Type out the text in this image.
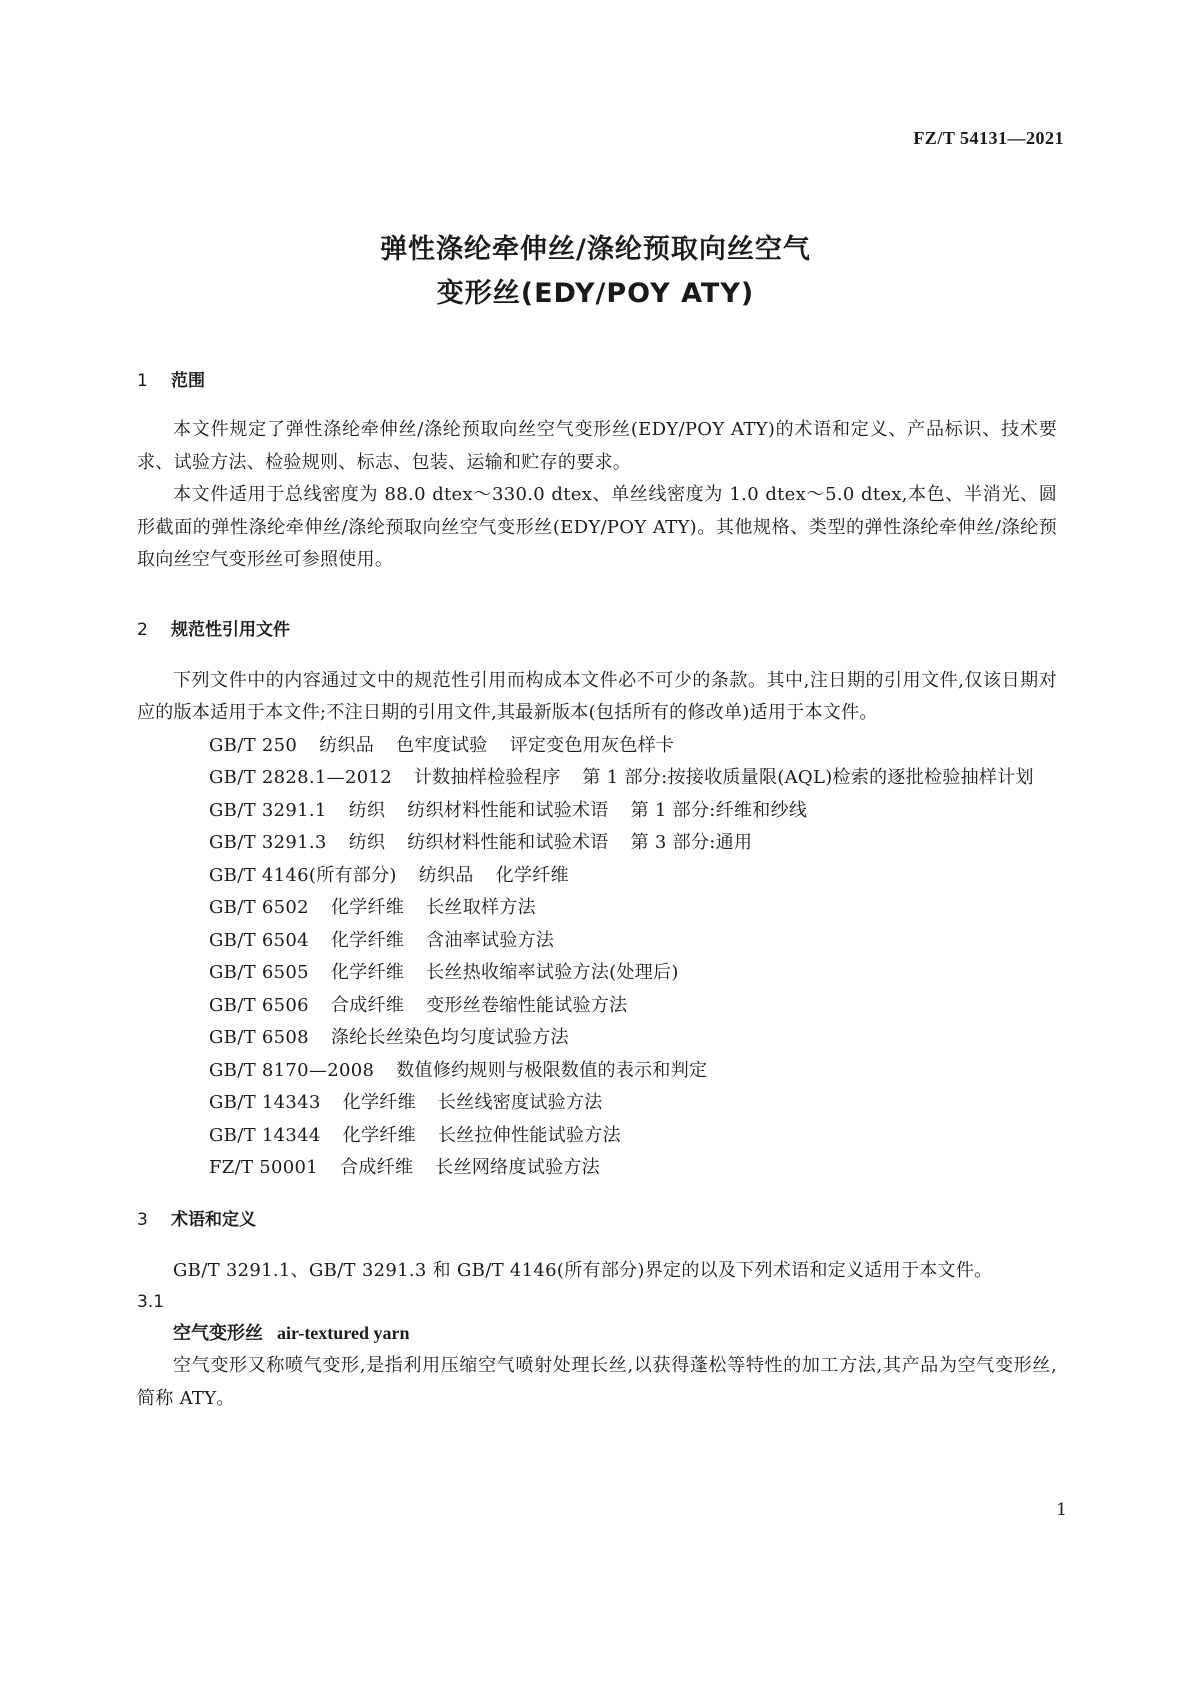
FZ/T 54131—2021
弹性涤纶牵伸丝/涤纶预取向丝空气
变形丝(EDY/POY ATY)
1 范围

本文件规定了弹性涤纶牵伸丝/涤纶预取向丝空气变形丝(EDY/POY ATY)的术语和定义、产品标识、技术要求、试验方法、检验规则、标志、包装、运输和贮存的要求。

本文件适用于总线密度为 88.0 dtex～330.0 dtex、单丝线密度为 1.0 dtex～5.0 dtex,本色、半消光、圆形截面的弹性涤纶牵伸丝/涤纶预取向丝空气变形丝(EDY/POY ATY)。其他规格、类型的弹性涤纶牵伸丝/涤纶预取向丝空气变形丝可参照使用。

2 规范性引用文件

下列文件中的内容通过文中的规范性引用而构成本文件必不可少的条款。其中,注日期的引用文件,仅该日期对应的版本适用于本文件;不注日期的引用文件,其最新版本(包括所有的修改单)适用于本文件。

GB/T 250 纺织品 色牢度试验 评定变色用灰色样卡
GB/T 2828.1—2012 计数抽样检验程序 第 1 部分:按接收质量限(AQL)检索的逐批检验抽样计划
GB/T 3291.1 纺织 纺织材料性能和试验术语 第 1 部分:纤维和纱线
GB/T 3291.3 纺织 纺织材料性能和试验术语 第 3 部分:通用
GB/T 4146(所有部分) 纺织品 化学纤维
GB/T 6502 化学纤维 长丝取样方法
GB/T 6504 化学纤维 含油率试验方法
GB/T 6505 化学纤维 长丝热收缩率试验方法(处理后)
GB/T 6506 合成纤维 变形丝卷缩性能试验方法
GB/T 6508 涤纶长丝染色均匀度试验方法
GB/T 8170—2008 数值修约规则与极限数值的表示和判定
GB/T 14343 化学纤维 长丝线密度试验方法
GB/T 14344 化学纤维 长丝拉伸性能试验方法
FZ/T 50001 合成纤维 长丝网络度试验方法
3 术语和定义

GB/T 3291.1、GB/T 3291.3 和 GB/T 4146(所有部分)界定的以及下列术语和定义适用于本文件。

3.1
空气变形丝 air-textured yarn

空气变形又称喷气变形,是指利用压缩空气喷射处理长丝,以获得蓬松等特性的加工方法,其产品为空气变形丝,简称 ATY。

1
